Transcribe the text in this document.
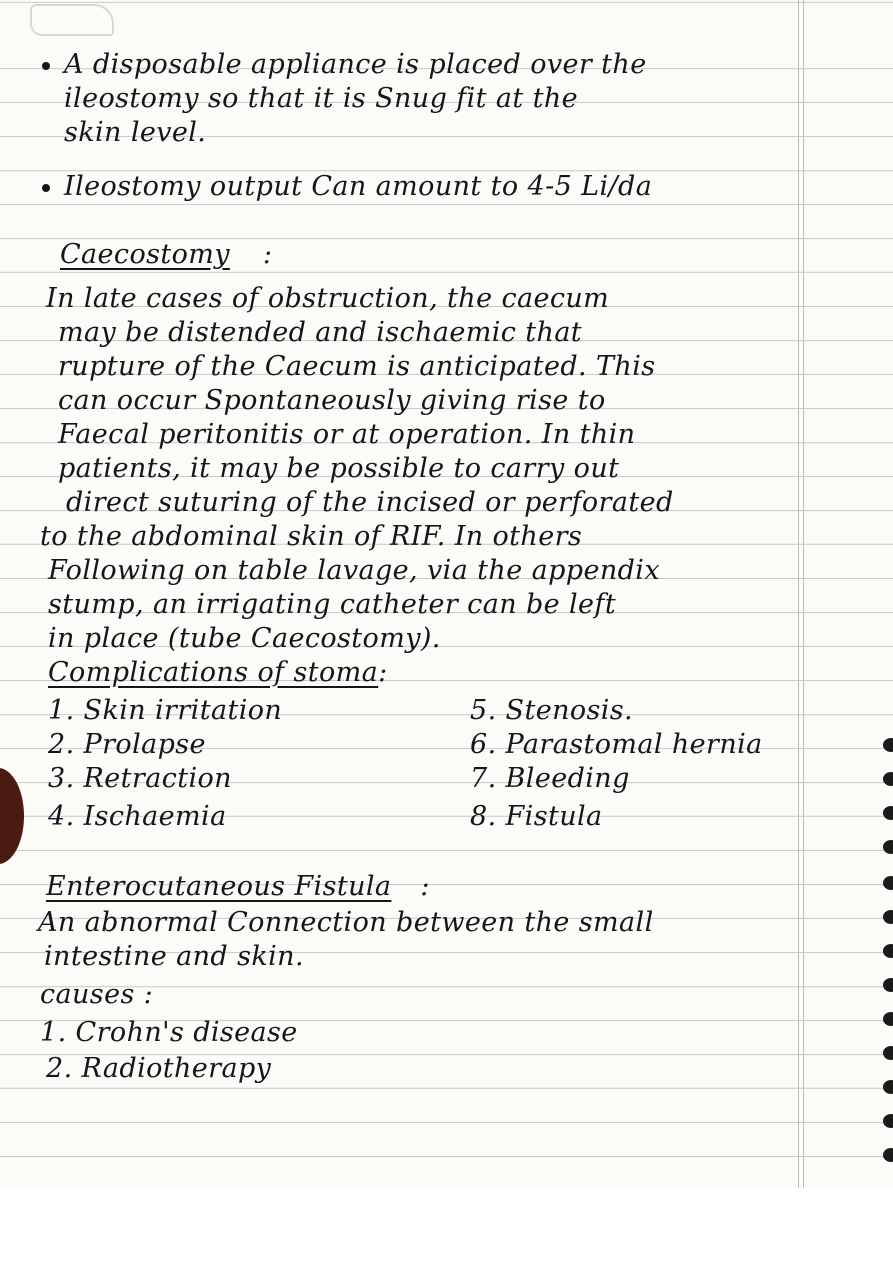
A disposable appliance is placed over the

ileostomy so that it is Snug fit at the

skin level.

Ileostomy output Can amount to 4-5 Li/da

Caecostomy :

In late cases of obstruction, the caecum

may be distended and ischaemic that

rupture of the Caecum is anticipated. This

can occur Spontaneously giving rise to

Faecal peritonitis or at operation. In thin

patients, it may be possible to carry out

direct suturing of the incised or perforated

to the abdominal skin of RIF. In others

Following on table lavage, via the appendix

stump, an irrigating catheter can be left

in place (tube Caecostomy).

Complications of stoma:

1. Skin irritation

2. Prolapse

3. Retraction

4. Ischaemia

5. Stenosis.

6. Parastomal hernia

7. Bleeding

8. Fistula

Enterocutaneous Fistula :

An abnormal Connection between the small

intestine and skin.

causes :

1. Crohn's disease

2. Radiotherapy
